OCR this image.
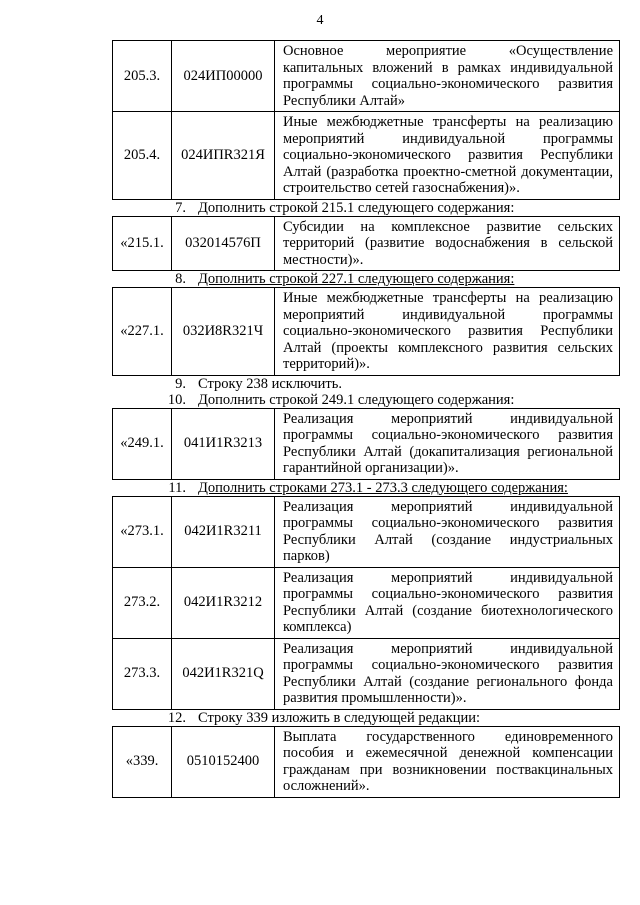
4
205.3.	024ИП00000	Основное мероприятие «Осуществление капитальных вложений в рамках индивидуальной программы социально-экономического развития Республики Алтай»
205.4.	024ИПR321Я	Иные межбюджетные трансферты на реализацию мероприятий индивидуальной программы социально-экономического развития Республики Алтай (разработка проектно-сметной документации, строительство сетей газоснабжения)».
7. Дополнить строкой 215.1 следующего содержания:
«215.1.	032014576П	Субсидии на комплексное развитие сельских территорий (развитие водоснабжения в сельской местности)».
8. Дополнить строкой 227.1 следующего содержания:
«227.1.	032И8R321Ч	Иные межбюджетные трансферты на реализацию мероприятий индивидуальной программы социально-экономического развития Республики Алтай (проекты комплексного развития сельских территорий)».
9. Строку 238 исключить.
10. Дополнить строкой 249.1 следующего содержания:
«249.1.	041И1R3213	Реализация мероприятий индивидуальной программы социально-экономического развития Республики Алтай (докапитализация региональной гарантийной организации)».
11. Дополнить строками 273.1 - 273.3 следующего содержания:
«273.1.	042И1R3211	Реализация мероприятий индивидуальной программы социально-экономического развития Республики Алтай (создание индустриальных парков)
273.2.	042И1R3212	Реализация мероприятий индивидуальной программы социально-экономического развития Республики Алтай (создание биотехнологического комплекса)
273.3.	042И1R321Q	Реализация мероприятий индивидуальной программы социально-экономического развития Республики Алтай (создание регионального фонда развития промышленности)».
12. Строку 339 изложить в следующей редакции:
«339.	0510152400	Выплата государственного единовременного пособия и ежемесячной денежной компенсации гражданам при возникновении поствакцинальных осложнений».
